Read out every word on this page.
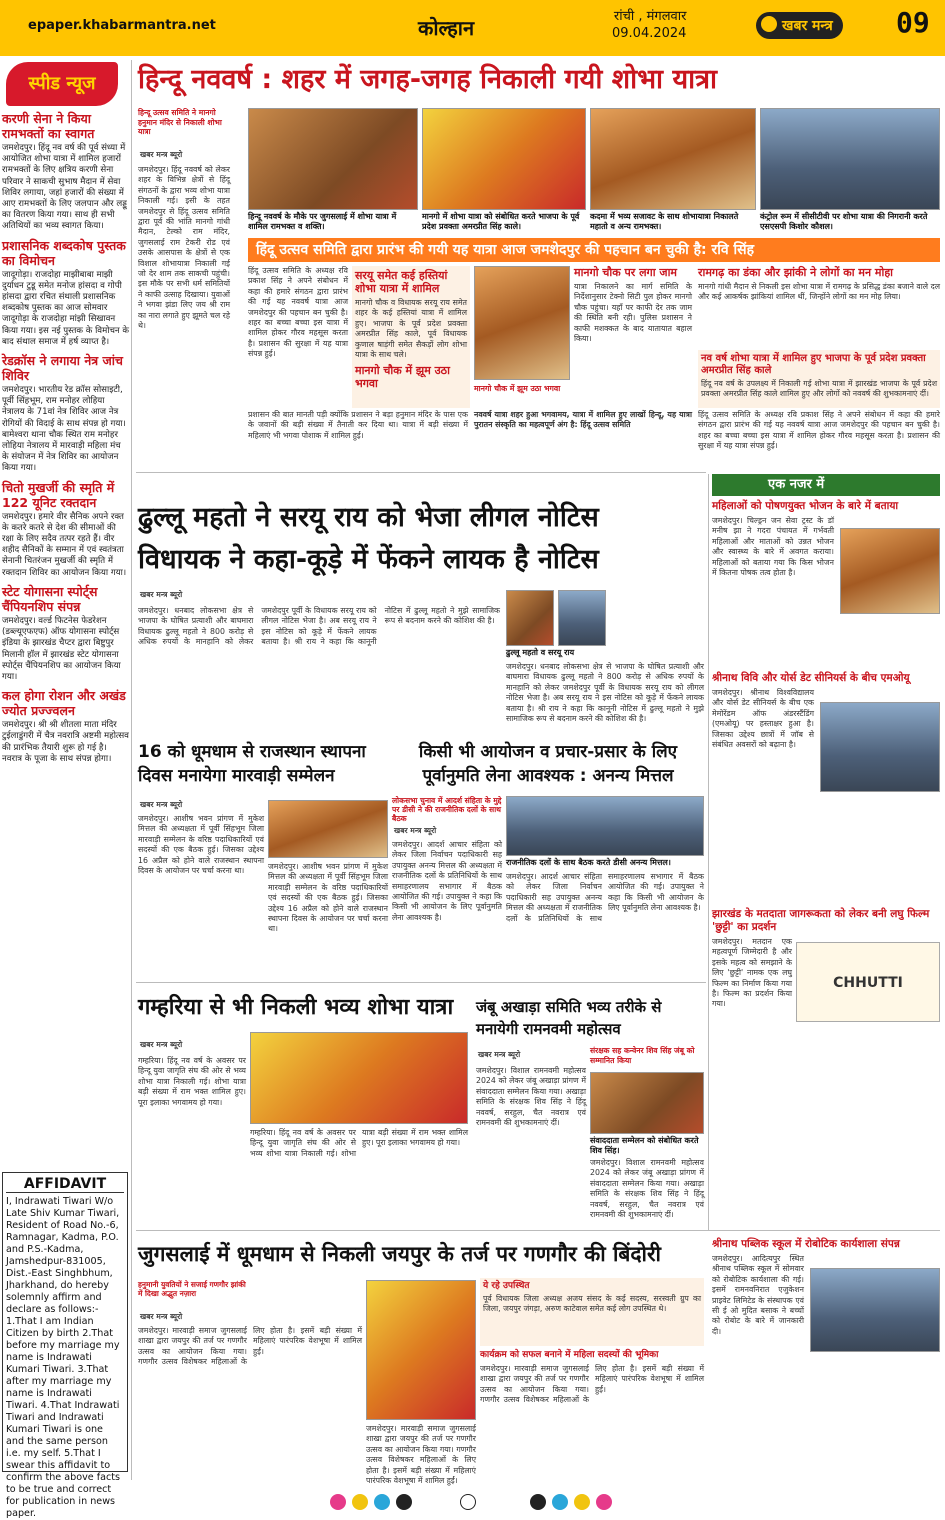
epaper.khabarmantra.net	कोल्हान	रांची , मंगलवार
09.04.2024	खबर मन्त्र	09
स्पीड न्यूज
करणी सेना ने किया रामभक्तों का स्वागत
जमशेदपुर। हिंदू नव वर्ष की पूर्व संध्या में आयोजित शोभा यात्रा में शामिल हजारों रामभक्तों के लिए क्षत्रिय करणी सेना परिवार ने साकची सुभाष मैदान में सेवा शिविर लगाया, जहां हजारों की संख्या में आए रामभक्तों के लिए जलपान और लड्डू का वितरण किया गया। साथ ही सभी अतिथियों का भव्य स्वागत किया।
प्रशासनिक शब्दकोष पुस्तक का विमोचन
जादूगोड़ा। राजदोहा माझीबाबा माझी दुर्याधन टुडू समेत मनोज हांसदा व गोपी हांसदा द्वारा रचित संथाली प्रशासनिक शब्दकोष पुस्तक का आज सोमवार जादूगोड़ा के राजदोहा मांझी सिखावन किया गया। इस नई पुस्तक के विमोचन के बाद संथाल समाज में हर्ष व्याप्त है।
रेडक्रॉस ने लगाया नेत्र जांच शिविर
जमशेदपुर। भारतीय रेड क्रॉस सोसाइटी, पूर्वी सिंहभूम, राम मनोहर लोहिया नेत्रालय के 71वां नेत्र शिविर आज नेत्र रोगियों की विदाई के साथ संपन्न हो गया। बामेश्वरा थाना चौक स्थित राम मनोहर लोहिया नेत्रालय में मारवाड़ी महिला मंच के संयोजन में नेत्र शिविर का आयोजन किया गया।
चितो मुखर्जी की स्मृति में 122 यूनिट रक्तदान
जमशेदपुर। हमारे वीर सैनिक अपने रक्त के कतरे कतरे से देश की सीमाओं की रक्षा के लिए सदैव तत्पर रहते हैं। वीर शहीद सैनिकों के सम्मान में एवं स्वतंत्रता सेनानी चितरंजन मुखर्जी की स्मृति में रक्तदान शिविर का आयोजन किया गया।
स्टेट योगासना स्पोर्ट्स चैंपियनशिप संपन्न
जमशेदपुर। वर्ल्ड फिटनेस फेडरेशन (डब्ल्यूएफएफ) ऑफ योगासना स्पोर्ट्स इंडिया के झारखंड चैप्टर द्वारा बिष्टुपुर मिलानी हॉल में झारखंड स्टेट योगासना स्पोर्ट्स चैंपियनशिप का आयोजन किया गया।
कल होगा रोशन और अखंड ज्योत प्रज्ज्वलन
जमशेदपुर। श्री श्री शीतला माता मंदिर टुईलाडुंगरी में चैत्र नवरात्रि अष्टमी महोत्सव की प्रारंभिक तैयारी शुरू हो गई है। नवरात्र के पूजा के साथ संपन्न होगा।
AFFIDAVIT
I, Indrawati Tiwari W/o Late Shiv Kumar Tiwari, Resident of Road No.-6, Ramnagar, Kadma, P.O. and P.S.-Kadma, Jamshedpur-831005, Dist.-East Singhbhum, Jharkhand, do hereby solemnly affirm and declare as follows:- 1.That I am Indian Citizen by birth 2.That before my marriage my name is Indrawati Kumari Tiwari. 3.That after my marriage my name is Indrawati Tiwari. 4.That Indrawati Tiwari and Indrawati Kumari Tiwari is one and the same person i.e. my self. 5.That I swear this affidavit to confirm the above facts to be true and correct for publication in news paper.
हिन्दू नववर्ष : शहर में जगह-जगह निकाली गयी शोभा यात्रा
हिन्दू उत्सव समिति ने मानगो हनुमान मंदिर से निकाली शोभा यात्रा
खबर मन्त्र ब्यूरो
जमशेदपुर। हिंदू नववर्ष को लेकर शहर के विभिन्न क्षेत्रों से हिंदू संगठनों के द्वारा भव्य शोभा यात्रा निकाली गई। इसी के तहत जमशेदपुर से हिंदू उत्सव समिति द्वारा पूर्व की भांति मानगो गांधी मैदान, टेल्को राम मंदिर, जुगसलाई राम टेकरी रोड एवं उसके आसपास के क्षेत्रों से एक विशाल शोभायात्रा निकाली गई जो देर शाम तक साकची पहुंची। इस मौके पर सभी धर्म समितियों ने काफी उत्साह दिखाया। युवाओं ने भगवा झंडा लिए जय श्री राम का नारा लगाते हुए झूमते चल रहे थे।
हिन्दू नववर्ष के मौके पर जुगसलाई में शोभा यात्रा में शामिल रामभक्त व शक्ति।
मानगो में शोभा यात्रा को संबोधित करते भाजपा के पूर्व प्रदेश प्रवक्ता अमरप्रीत सिंह काले।
कदमा में भव्य सजावट के साथ शोभायात्रा निकालते महातो व अन्य रामभक्त।
कंट्रोल रूम में सीसीटीवी पर शोभा यात्रा की निगरानी करते एसएसपी किशोर कौशल।
हिंदू उत्सव समिति द्वारा प्रारंभ की गयी यह यात्रा आज जमशेदपुर की पहचान बन चुकी है: रवि सिंह
हिंदू उत्सव समिति के अध्यक्ष रवि प्रकाश सिंह ने अपने संबोधन में कहा की हमारे संगठन द्वारा प्रारंभ की गई यह नववर्ष यात्रा आज जमशेदपुर की पहचान बन चुकी है। शहर का बच्चा बच्चा इस यात्रा में शामिल होकर गौरव महसूस करता है। प्रशासन की सुरक्षा में यह यात्रा संपन्न हुई।
सरयू समेत कई हस्तियां शोभा यात्रा में शामिल
मानगो चौक व विधायक सरयू राय समेत शहर के कई हस्तियां यात्रा में शामिल हुए। भाजपा के पूर्व प्रदेश प्रवक्ता अमरप्रीत सिंह काले, पूर्व विधायक कुणाल षाड़ंगी समेत सैकड़ों लोग शोभा यात्रा के साथ चले।
मानगो चौक में झूम उठा भगवा	मानगो चौक में झूम उठा भगवा
मानगो चौक पर लगा जाम
यात्रा निकालने का मार्ग समिति के निर्देशानुसार टेक्नो सिटी पुल होकर मानगो चौक पहुंचा। यहाँ पर काफी देर तक जाम की स्थिति बनी रही। पुलिस प्रशासन ने काफी मशक्कत के बाद यातायात बहाल किया।
रामगढ़ का डंका और झांकी ने लोगों का मन मोहा
मानगो गांधी मैदान से निकली इस शोभा यात्रा में रामगढ़ के प्रसिद्ध डंका बजाने वाले दल और कई आकर्षक झांकियां शामिल थीं, जिन्होंने लोगों का मन मोह लिया।
नव वर्ष शोभा यात्रा में शामिल हुए भाजपा के पूर्व प्रदेश प्रवक्ता अमरप्रीत सिंह काले
हिंदू नव वर्ष के उपलक्ष्य में निकाली गई शोभा यात्रा में झारखंड भाजपा के पूर्व प्रदेश प्रवक्ता अमरप्रीत सिंह काले शामिल हुए और लोगों को नववर्ष की शुभकामनाएं दीं।
प्रशासन की बात मानती पड़ी क्योंकि प्रशासन ने बड़ा हनुमान मंदिर के पास एक के जवानों की बड़ी संख्या में तैनाती कर दिया था। यात्रा में बड़ी संख्या में महिलाएं भी भगवा पोशाक में शामिल हुई।
नववर्ष यात्रा शहर हुआ भगवामय, यात्रा में शामिल हुए लाखों हिन्दू, यह यात्रा पुरातन संस्कृति का महत्वपूर्ण अंग है: हिंदू उत्सव समिति
हिंदू उत्सव समिति के अध्यक्ष रवि प्रकाश सिंह ने अपने संबोधन में कहा की हमारे संगठन द्वारा प्रारंभ की गई यह नववर्ष यात्रा आज जमशेदपुर की पहचान बन चुकी है। शहर का बच्चा बच्चा इस यात्रा में शामिल होकर गौरव महसूस करता है। प्रशासन की सुरक्षा में यह यात्रा संपन्न हुई।
ढुल्लू महतो ने सरयू राय को भेजा लीगल नोटिस
विधायक ने कहा-कूड़े में फेंकने लायक है नोटिस
खबर मन्त्र ब्यूरो
जमशेदपुर। धनबाद लोकसभा क्षेत्र से भाजपा के घोषित प्रत्याशी और बाघमारा विधायक ढुल्लू महतो ने 800 करोड़ से अधिक रुपयों के मानहानि को लेकर जमशेदपुर पूर्वी के विधायक सरयू राय को लीगल नोटिस भेजा है। अब सरयू राय ने इस नोटिस को कूड़े में फेंकने लायक बताया है। श्री राय ने कहा कि कानूनी नोटिस में ढुल्लू महतो ने मुझे सामाजिक रूप से बदनाम करने की कोशिश की है।
ढुल्लू महतो व सरयू राय
जमशेदपुर। धनबाद लोकसभा क्षेत्र से भाजपा के घोषित प्रत्याशी और बाघमारा विधायक ढुल्लू महतो ने 800 करोड़ से अधिक रुपयों के मानहानि को लेकर जमशेदपुर पूर्वी के विधायक सरयू राय को लीगल नोटिस भेजा है। अब सरयू राय ने इस नोटिस को कूड़े में फेंकने लायक बताया है। श्री राय ने कहा कि कानूनी नोटिस में ढुल्लू महतो ने मुझे सामाजिक रूप से बदनाम करने की कोशिश की है।
16 को धूमधाम से राजस्थान स्थापना दिवस मनायेगा मारवाड़ी सम्मेलन
खबर मन्त्र ब्यूरो
जमशेदपुर। आशीष भवन प्रांगण में मुकेश मित्तल की अध्यक्षता में पूर्वी सिंहभूम जिला मारवाड़ी सम्मेलन के वरिष्ठ पदाधिकारियों एवं सदस्यों की एक बैठक हुई। जिसका उद्देश्य 16 अप्रैल को होने वाले राजस्थान स्थापना दिवस के आयोजन पर चर्चा करना था।	जमशेदपुर। आशीष भवन प्रांगण में मुकेश मित्तल की अध्यक्षता में पूर्वी सिंहभूम जिला मारवाड़ी सम्मेलन के वरिष्ठ पदाधिकारियों एवं सदस्यों की एक बैठक हुई। जिसका उद्देश्य 16 अप्रैल को होने वाले राजस्थान स्थापना दिवस के आयोजन पर चर्चा करना था।
किसी भी आयोजन व प्रचार-प्रसार के लिए पूर्वानुमति लेना आवश्यक : अनन्य मित्तल
लोकसभा चुनाव में आदर्श संहिता के मुद्दे पर डीसी ने की राजनीतिक दलों के साथ बैठक
खबर मन्त्र ब्यूरो
राजनीतिक दलों के साथ बैठक करते डीसी अनन्य मित्तल।
जमशेदपुर। आदर्श आचार संहिता को लेकर जिला निर्वाचन पदाधिकारी सह उपायुक्त अनन्य मित्तल की अध्यक्षता में राजनीतिक दलों के प्रतिनिधियों के साथ समाहरणालय सभागार में बैठक आयोजित की गई। उपायुक्त ने कहा कि किसी भी आयोजन के लिए पूर्वानुमति लेना आवश्यक है।
जमशेदपुर। आदर्श आचार संहिता को लेकर जिला निर्वाचन पदाधिकारी सह उपायुक्त अनन्य मित्तल की अध्यक्षता में राजनीतिक दलों के प्रतिनिधियों के साथ समाहरणालय सभागार में बैठक आयोजित की गई। उपायुक्त ने कहा कि किसी भी आयोजन के लिए पूर्वानुमति लेना आवश्यक है।
गम्हरिया से भी निकली भव्य शोभा यात्रा
खबर मन्त्र ब्यूरो
गम्हरिया। हिंदू नव वर्ष के अवसर पर हिन्दू युवा जागृति संघ की ओर से भव्य शोभा यात्रा निकाली गई। शोभा यात्रा बड़ी संख्या में राम भक्त शामिल हुए। पूरा इलाका भगवामय हो गया।
गम्हरिया। हिंदू नव वर्ष के अवसर पर हिन्दू युवा जागृति संघ की ओर से भव्य शोभा यात्रा निकाली गई। शोभा यात्रा बड़ी संख्या में राम भक्त शामिल हुए। पूरा इलाका भगवामय हो गया।
जंबू अखाड़ा समिति भव्य तरीके से मनायेगी रामनवमी महोत्सव
संरक्षक सह कन्वेनर शिव सिंह जंबू को सम्मानित किया
खबर मन्त्र ब्यूरो
संवाददाता सम्मेलन को संबोधित करते शिव सिंह।
जमशेदपुर। विशाल रामनवमी महोत्सव 2024 को लेकर जंबू अखाड़ा प्रांगण में संवाददाता सम्मेलन किया गया। अखाड़ा समिति के संरक्षक शिव सिंह ने हिंदू नववर्ष, सरहुल, चैत नवरात्र एवं रामनवमी की शुभकामनाएं दीं।
जमशेदपुर। विशाल रामनवमी महोत्सव 2024 को लेकर जंबू अखाड़ा प्रांगण में संवाददाता सम्मेलन किया गया। अखाड़ा समिति के संरक्षक शिव सिंह ने हिंदू नववर्ष, सरहुल, चैत नवरात्र एवं रामनवमी की शुभकामनाएं दीं।
जुगसलाई में धूमधाम से निकली जयपुर के तर्ज पर गणगौर की बिंदोरी
हनुमानी युवतियों ने सजाई गणगौर झांकी में दिखा अद्भुत नज़ारा
खबर मन्त्र ब्यूरो
जमशेदपुर। मारवाड़ी समाज जुगसलाई शाखा द्वारा जयपुर की तर्ज पर गणगौर उत्सव का आयोजन किया गया। गणगौर उत्सव विशेषकर महिलाओं के लिए होता है। इसमें बड़ी संख्या में महिलाएं पारंपरिक वेशभूषा में शामिल हुईं।
जमशेदपुर। मारवाड़ी समाज जुगसलाई शाखा द्वारा जयपुर की तर्ज पर गणगौर उत्सव का आयोजन किया गया। गणगौर उत्सव विशेषकर महिलाओं के लिए होता है। इसमें बड़ी संख्या में महिलाएं पारंपरिक वेशभूषा में शामिल हुईं।
ये रहे उपस्थित
पूर्व विधायक जिला अध्यक्ष अजय संसद के कई सदस्य, सरस्वती ग्रुप का जिला, जयपुर जंगड़ा, अरुण काटेवाल समेत कई लोग उपस्थित थे।
कार्यक्रम को सफल बनाने में महिला सदस्यों की भूमिका
जमशेदपुर। मारवाड़ी समाज जुगसलाई शाखा द्वारा जयपुर की तर्ज पर गणगौर उत्सव का आयोजन किया गया। गणगौर उत्सव विशेषकर महिलाओं के लिए होता है। इसमें बड़ी संख्या में महिलाएं पारंपरिक वेशभूषा में शामिल हुईं।
एक नजर में
महिलाओं को पोषणयुक्त भोजन के बारे में बताया
जमशेदपुर। चिल्ड्रन जन सेवा ट्रस्ट के डॉ मनीष झा ने गदरा पंचायत में गर्भवती महिलाओं और माताओं को उन्नत भोजन और स्वास्थ्य के बारे में अवगत कराया। महिलाओं को बताया गया कि किस भोजन में कितना पोषक तत्व होता है।
श्रीनाथ विवि और योर्स डेट सीनियर्स के बीच एमओयू
जमशेदपुर। श्रीनाथ विश्वविद्यालय और योर्स डेट सीनियर्स के बीच एक मेमोरेंडम ऑफ अंडरस्टैंडिंग (एमओयू) पर हस्ताक्षर हुआ है। जिसका उद्देश्य छात्रों में जॉब से संबंधित अवसरों को बढ़ाना है।
झारखंड के मतदाता जागरूकता को लेकर बनी लघु फिल्म 'छुट्टी' का प्रदर्शन
CHHUTTI
जमशेदपुर। मतदान एक महत्वपूर्ण जिम्मेदारी है और इसके महत्व को समझाने के लिए 'छुट्टी' नामक एक लघु फिल्म का निर्माण किया गया है। फिल्म का प्रदर्शन किया गया।
श्रीनाथ पब्लिक स्कूल में रोबोटिक कार्यशाला संपन्न
जमशेदपुर। आदित्यपुर स्थित श्रीनाथ पब्लिक स्कूल में सोमवार को रोबोटिक कार्यशाला की गई। इसमें रामनवनिरात एजुकेशन प्राइवेट लिमिटेड के संस्थापक एवं सी ई ओ मुदित बसाक ने बच्चों को रोबोट के बारे में जानकारी दी।
